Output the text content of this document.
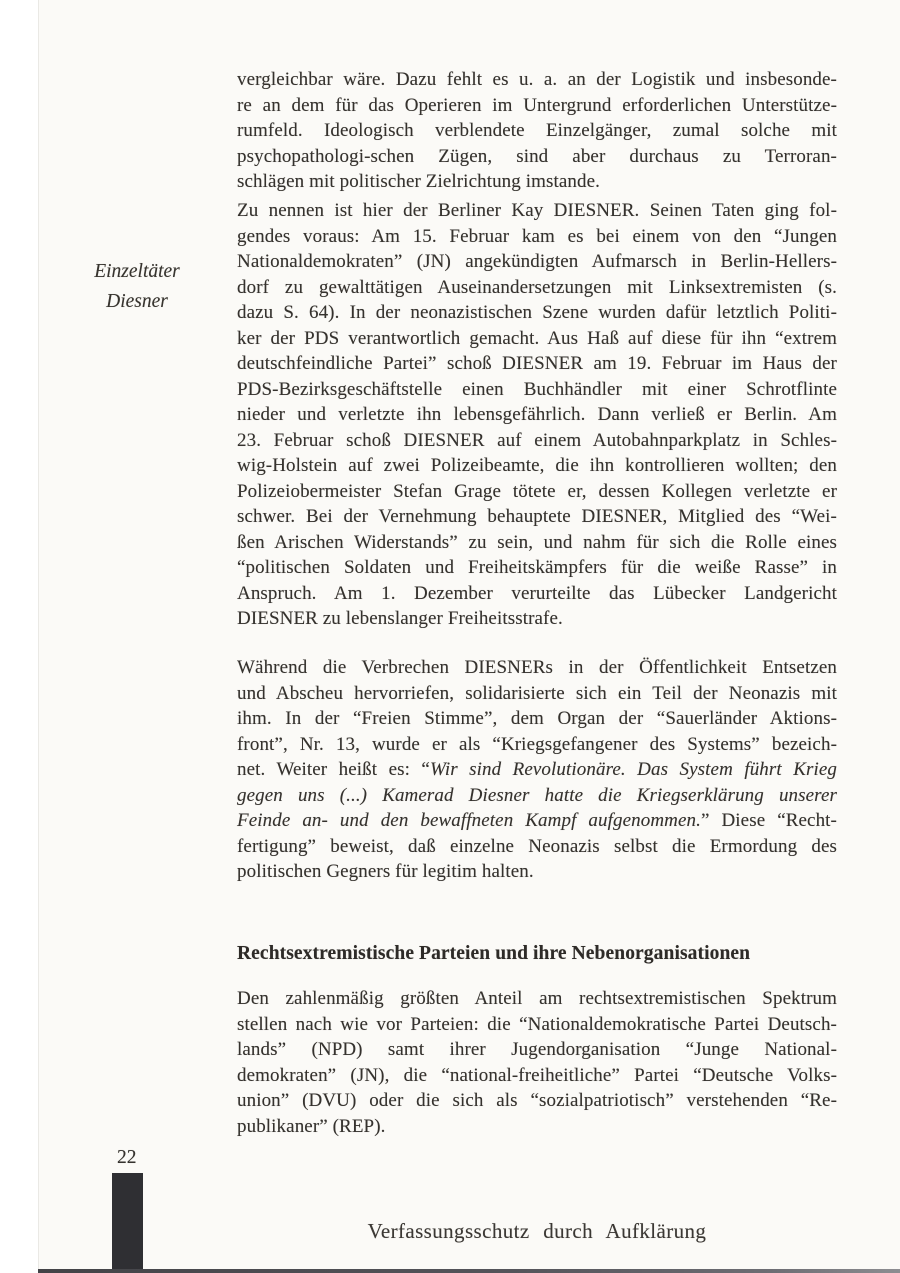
Einzeltäter
Diesner
vergleichbar wäre. Dazu fehlt es u. a. an der Logistik und insbesonde-
re an dem für das Operieren im Untergrund erforderlichen Unterstütze-
rumfeld. Ideologisch verblendete Einzelgänger, zumal solche mit
psychopathologi-schen Zügen, sind aber durchaus zu Terroran-
schlägen mit politischer Zielrichtung imstande.
Zu nennen ist hier der Berliner Kay DIESNER. Seinen Taten ging fol-
gendes voraus: Am 15. Februar kam es bei einem von den “Jungen
Nationaldemokraten” (JN) angekündigten Aufmarsch in Berlin-Hellers-
dorf zu gewalttätigen Auseinandersetzungen mit Linksextremisten (s.
dazu S. 64). In der neonazistischen Szene wurden dafür letztlich Politi-
ker der PDS verantwortlich gemacht. Aus Haß auf diese für ihn “extrem
deutschfeindliche Partei” schoß DIESNER am 19. Februar im Haus der
PDS-Bezirksgeschäftstelle einen Buchhändler mit einer Schrotflinte
nieder und verletzte ihn lebensgefährlich. Dann verließ er Berlin. Am
23. Februar schoß DIESNER auf einem Autobahnparkplatz in Schles-
wig-Holstein auf zwei Polizeibeamte, die ihn kontrollieren wollten; den
Polizeiobermeister Stefan Grage tötete er, dessen Kollegen verletzte er
schwer. Bei der Vernehmung behauptete DIESNER, Mitglied des “Wei-
ßen Arischen Widerstands” zu sein, und nahm für sich die Rolle eines
“politischen Soldaten und Freiheitskämpfers für die weiße Rasse” in
Anspruch. Am 1. Dezember verurteilte das Lübecker Landgericht
DIESNER zu lebenslanger Freiheitsstrafe.
Während die Verbrechen DIESNERs in der Öffentlichkeit Entsetzen
und Abscheu hervorriefen, solidarisierte sich ein Teil der Neonazis mit
ihm. In der “Freien Stimme”, dem Organ der “Sauerländer Aktions-
front”, Nr. 13, wurde er als “Kriegsgefangener des Systems” bezeich-
net. Weiter heißt es: “Wir sind Revolutionäre. Das System führt Krieg
gegen uns (...) Kamerad Diesner hatte die Kriegserklärung unserer
Feinde an- und den bewaffneten Kampf aufgenommen.” Diese “Recht-
fertigung” beweist, daß einzelne Neonazis selbst die Ermordung des
politischen Gegners für legitim halten.
Den zahlenmäßig größten Anteil am rechtsextremistischen Spektrum
stellen nach wie vor Parteien: die “Nationaldemokratische Partei Deutsch-
lands” (NPD) samt ihrer Jugendorganisation “Junge National-
demokraten” (JN), die “national-freiheitliche” Partei “Deutsche Volks-
union” (DVU) oder die sich als “sozialpatriotisch” verstehenden “Re-
publikaner” (REP).
Rechtsextremistische Parteien und ihre Nebenorganisationen
22
Verfassungsschutz durch Aufklärung
